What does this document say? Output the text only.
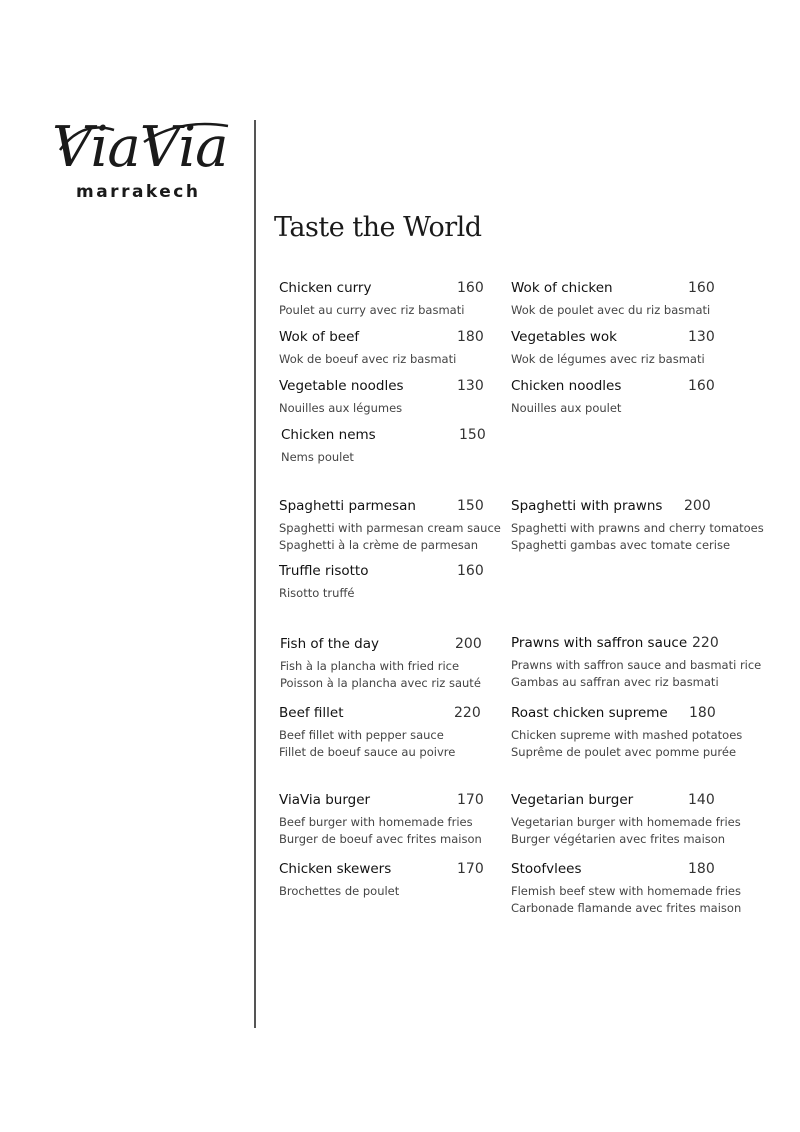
ViaVia
marrakech
Taste the World
Chicken curry	160
Poulet au curry avec riz basmati
Wok of chicken	160
Wok de poulet avec du riz basmati
Wok of beef	180
Wok de boeuf avec riz basmati
Vegetables wok	130
Wok de légumes avec riz basmati
Vegetable noodles	130
Nouilles aux légumes
Chicken noodles	160
Nouilles aux poulet
Chicken nems	150
Nems poulet
Spaghetti parmesan	150
Spaghetti with parmesan cream sauce
Spaghetti à la crème de parmesan
Spaghetti with prawns 200
Spaghetti with prawns and cherry tomatoes
Spaghetti gambas avec tomate cerise
Truffle risotto	160
Risotto truffé
Fish of the day	200
Fish à la plancha with fried rice
Poisson à la plancha avec riz sauté
Prawns with saffron sauce 220
Prawns with saffron sauce and basmati rice
Gambas au saffran avec riz basmati
Beef fillet	220
Beef fillet with pepper sauce
Fillet de boeuf sauce au poivre
Roast chicken supreme 180
Chicken supreme with mashed potatoes
Suprême de poulet avec pomme purée
ViaVia burger	170
Beef burger with homemade fries
Burger de boeuf avec frites maison
Vegetarian burger	140
Vegetarian burger with homemade fries
Burger végétarien avec frites maison
Chicken skewers	170
Brochettes de poulet
Stoofvlees	180
Flemish beef stew with homemade fries
Carbonade flamande avec frites maison
